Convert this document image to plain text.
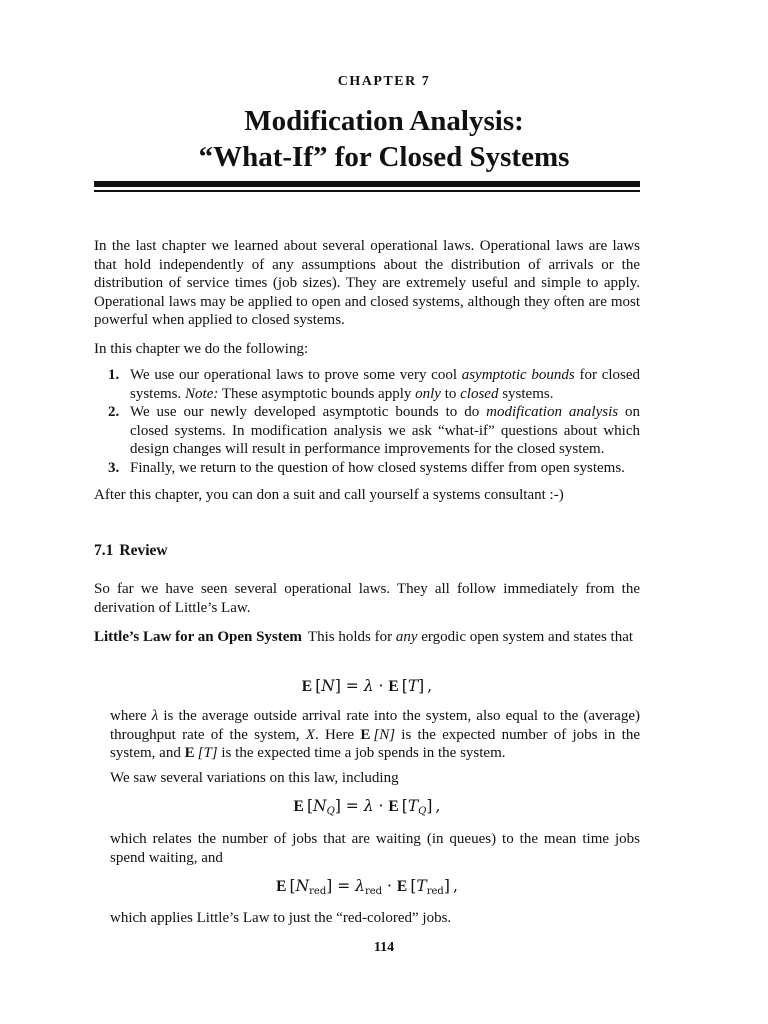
CHAPTER 7
Modification Analysis:
“What-If” for Closed Systems

In the last chapter we learned about several operational laws. Operational laws are laws that hold independently of any assumptions about the distribution of arrivals or the distribution of service times (job sizes). They are extremely useful and simple to apply. Operational laws may be applied to open and closed systems, although they often are most powerful when applied to closed systems.

In this chapter we do the following:

1. We use our operational laws to prove some very cool asymptotic bounds for closed systems. Note: These asymptotic bounds apply only to closed systems.
2. We use our newly developed asymptotic bounds to do modification analysis on closed systems. In modification analysis we ask “what-if” questions about which design changes will result in performance improvements for the closed system.
3. Finally, we return to the question of how closed systems differ from open systems.

After this chapter, you can don a suit and call yourself a systems consultant :-)

7.1 Review

So far we have seen several operational laws. They all follow immediately from the derivation of Little’s Law.

Little’s Law for an Open System This holds for any ergodic open system and states that

E [N] = λ · E [T] ,

where λ is the average outside arrival rate into the system, also equal to the (average) throughput rate of the system, X. Here E  [N] is the expected number of jobs in the system, and E  [T] is the expected time a job spends in the system.

We saw several variations on this law, including

E [NQ] = λ · E [TQ] ,

which relates the number of jobs that are waiting (in queues) to the mean time jobs spend waiting, and

E $[N_{red}] = \lambda_{red} \cdot E$ $[T_{red}]$ ,

which applies Little’s Law to just the “red-colored” jobs.

114
